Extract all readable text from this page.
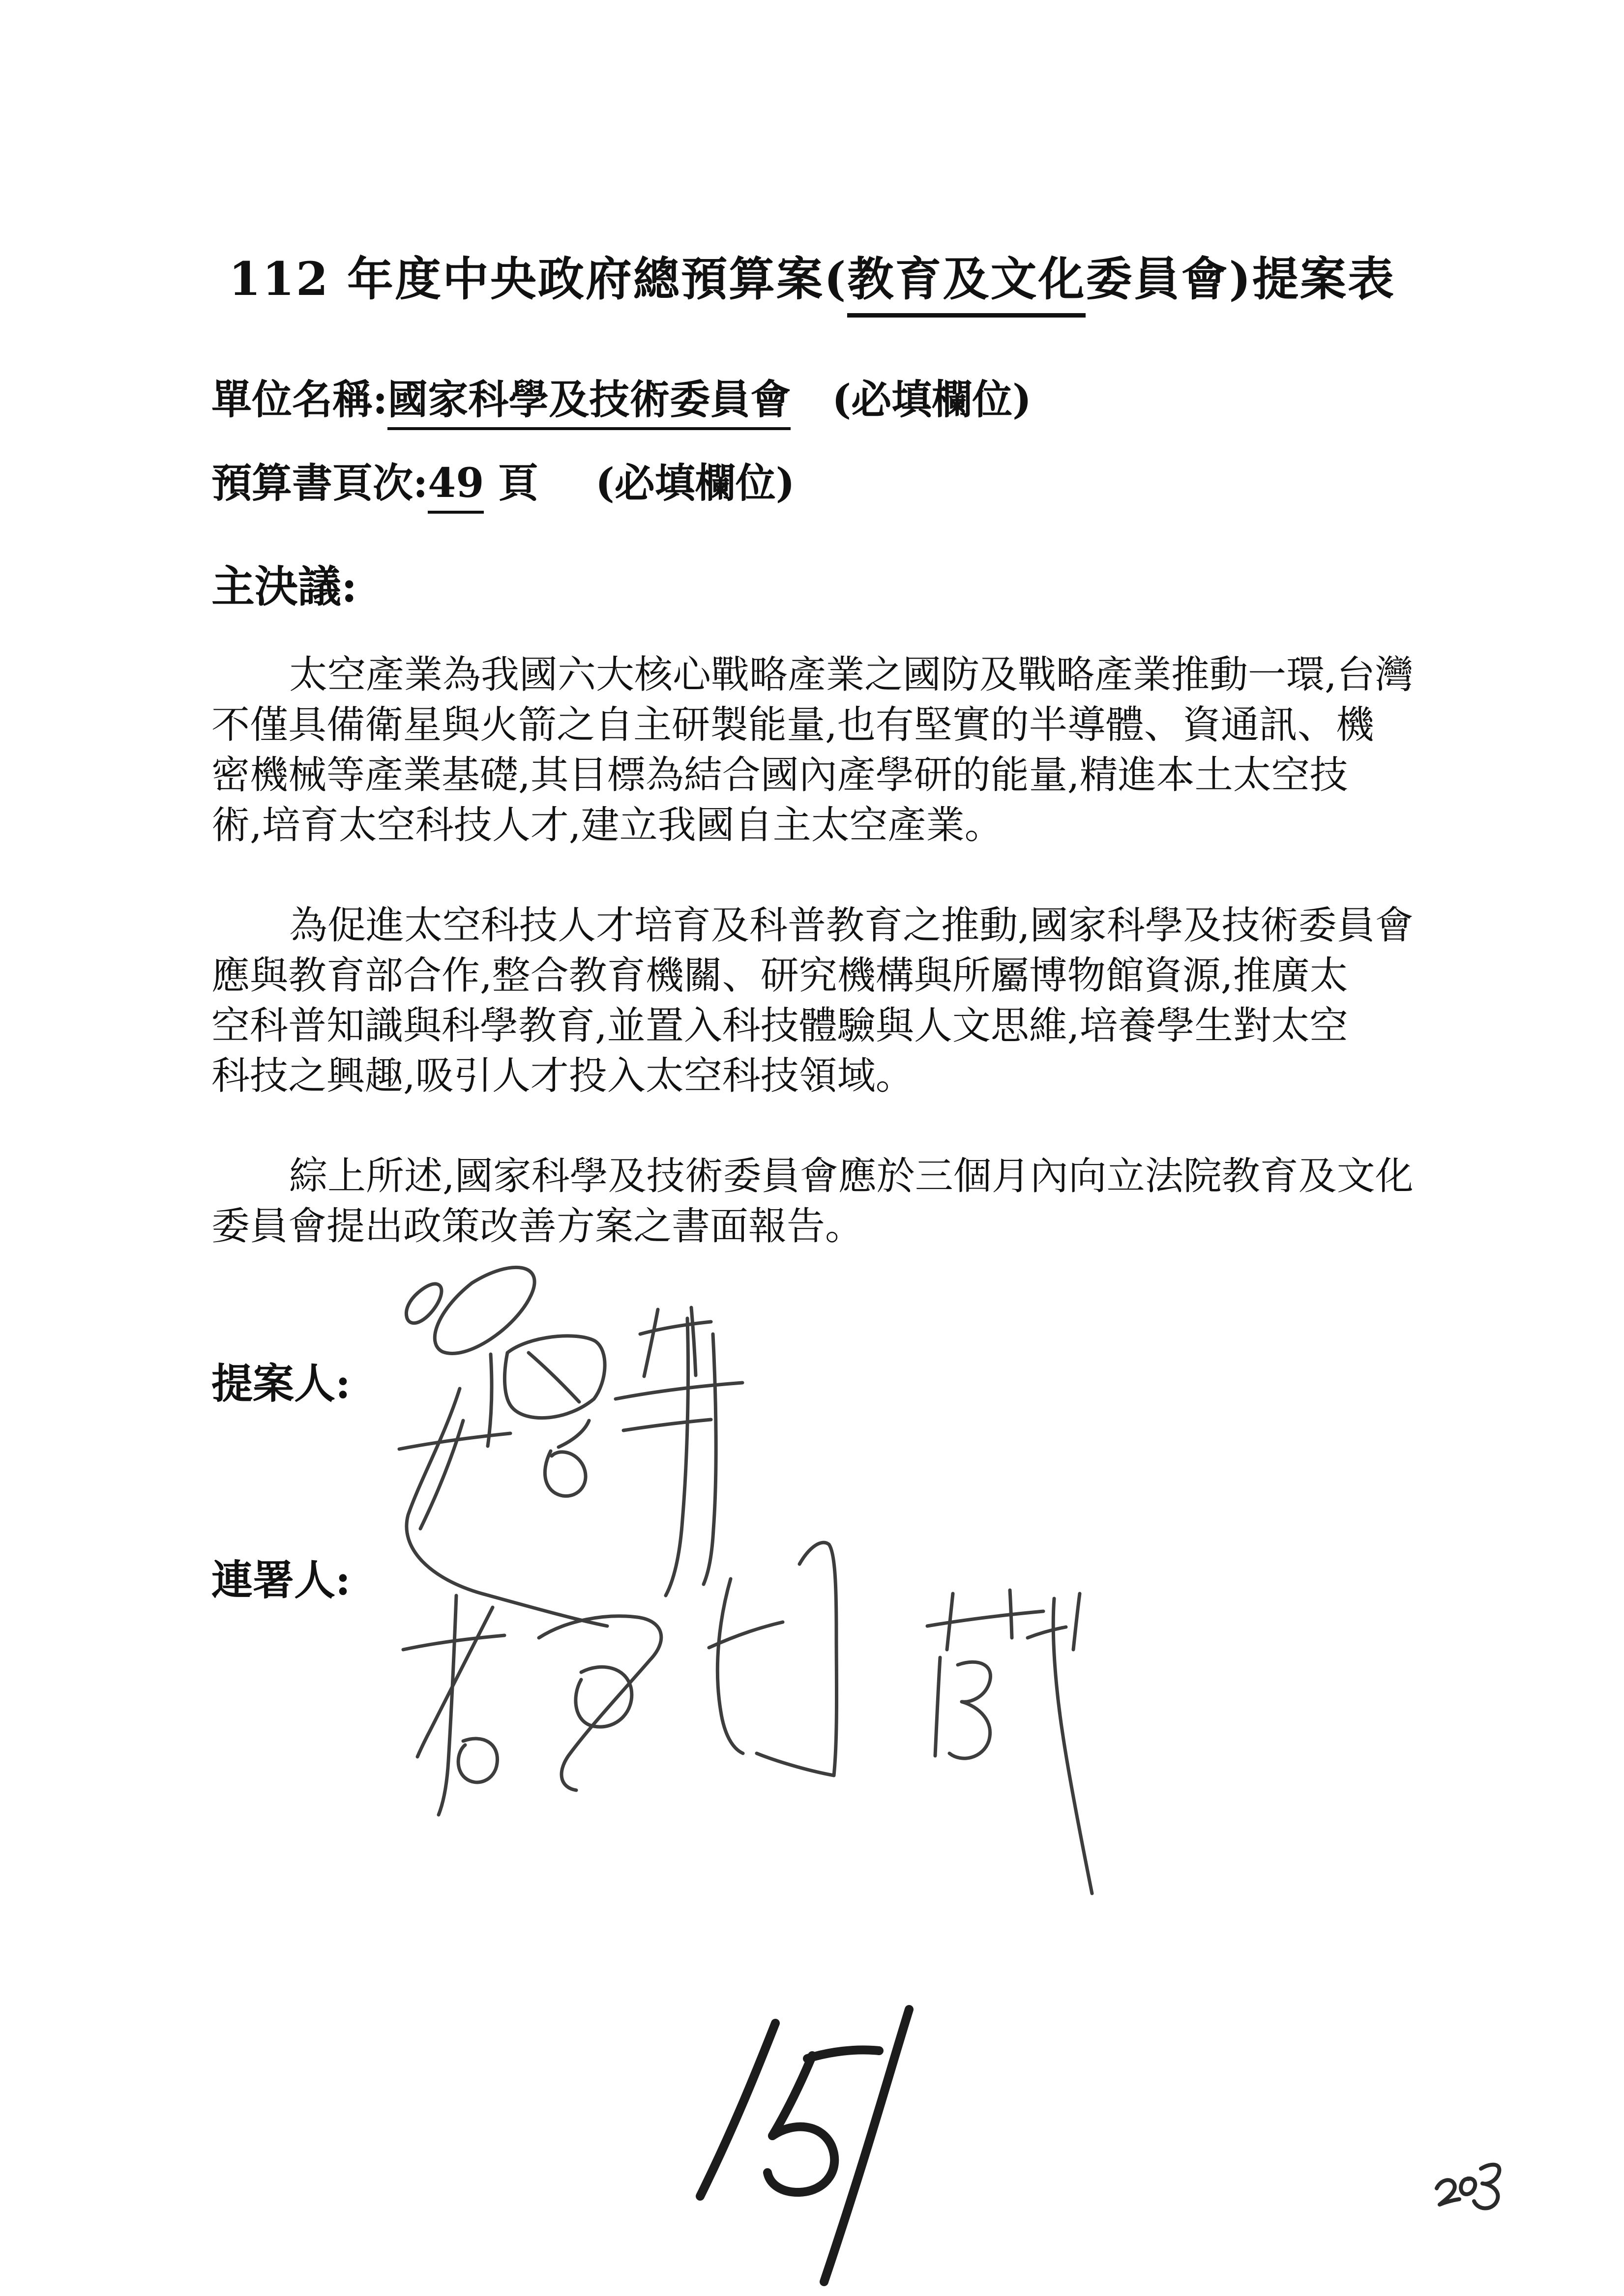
112 年度中央政府總預算案(教育及文化委員會)提案表
單位名稱:國家科學及技術委員會 (必填欄位)
預算書頁次:49 頁 (必填欄位)
主決議:
太空產業為我國六大核心戰略產業之國防及戰略產業推動一環,台灣
不僅具備衛星與火箭之自主研製能量,也有堅實的半導體、資通訊、機
密機械等產業基礎,其目標為結合國內產學研的能量,精進本土太空技
術,培育太空科技人才,建立我國自主太空產業。
為促進太空科技人才培育及科普教育之推動,國家科學及技術委員會
應與教育部合作,整合教育機關、研究機構與所屬博物館資源,推廣太
空科普知識與科學教育,並置入科技體驗與人文思維,培養學生對太空
科技之興趣,吸引人才投入太空科技領域。
綜上所述,國家科學及技術委員會應於三個月內向立法院教育及文化
委員會提出政策改善方案之書面報告。
提案人:
連署人:
